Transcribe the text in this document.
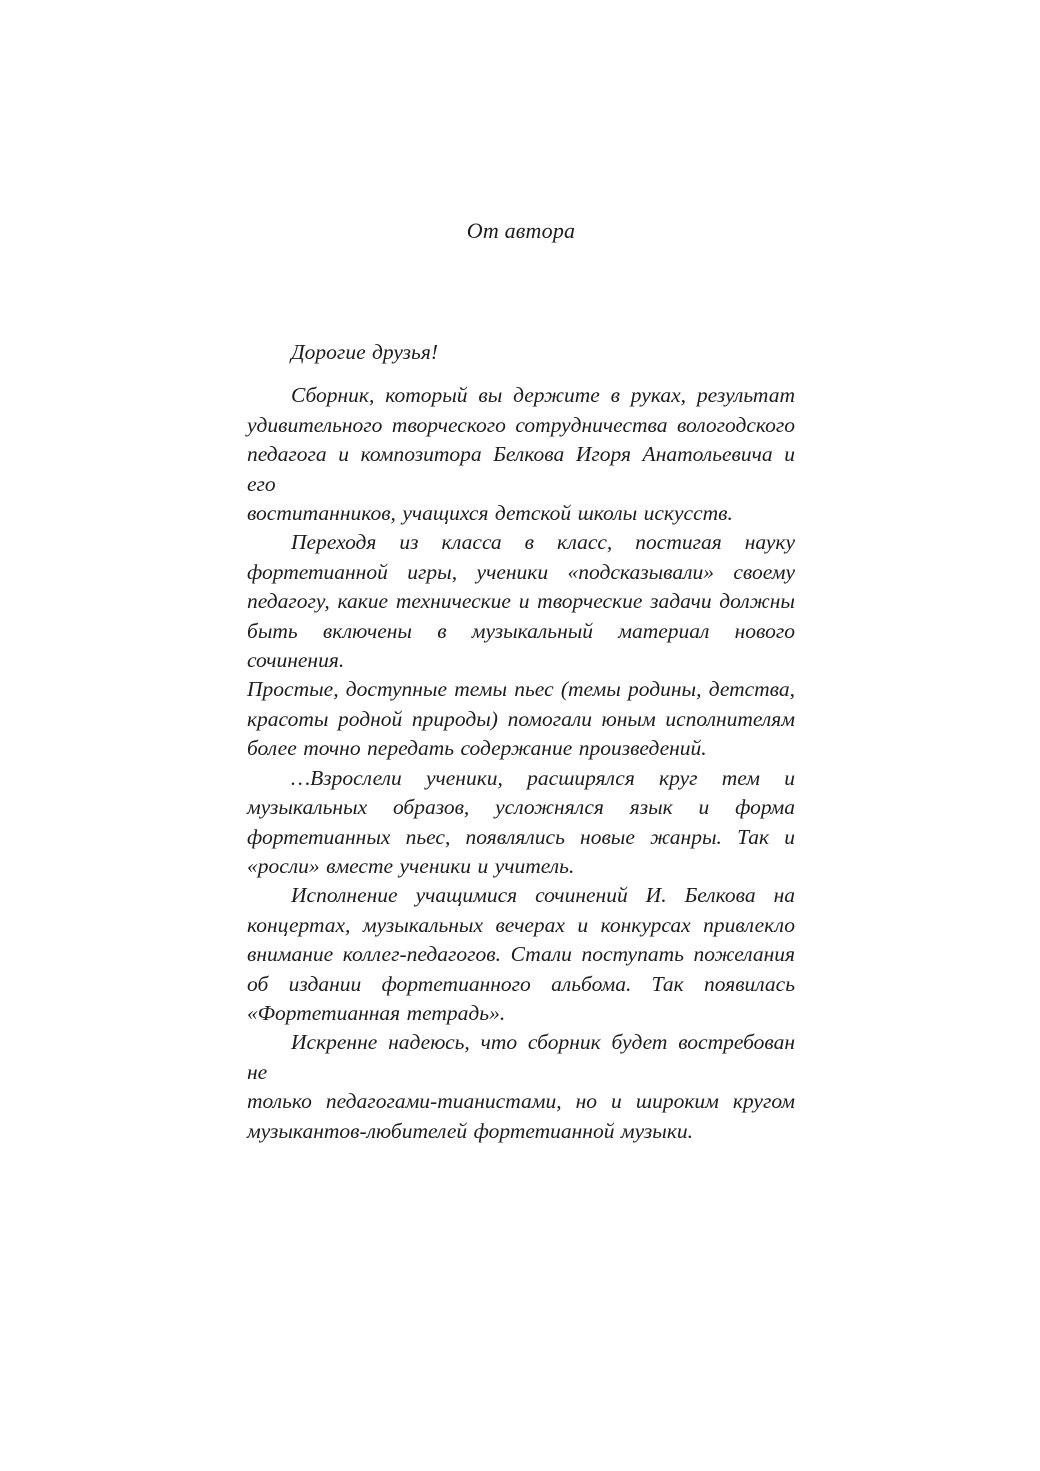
От автора
Дорогие друзья!
Сборник, который вы держите в руках, результат
удивительного творческого сотрудничества вологодского
педагога и композитора Белкова Игоря Анатольевича и его
воститанников, учащихся детской школы искусств.
Переходя из класса в класс, постигая науку
фортетианной игры, ученики «подсказывали» своему
педагогу, какие технические и творческие задачи должны
быть включены в музыкальный материал нового сочинения.
Простые, доступные темы пьес (темы родины, детства,
красоты родной природы) помогали юным исполнителям
более точно передать содержание произведений.
…Взрослели ученики, расширялся круг тем и
музыкальных образов, усложнялся язык и форма
фортетианных пьес, появлялись новые жанры. Так и
«росли» вместе ученики и учитель.
Исполнение учащимися сочинений И. Белкова на
концертах, музыкальных вечерах и конкурсах привлекло
внимание коллег-педагогов. Стали поступать пожелания
об издании фортетианного альбома. Так появилась
«Фортетианная тетрадь».
Искренне надеюсь, что сборник будет востребован не
только педагогами-тианистами, но и широким кругом
музыкантов-любителей фортетианной музыки.
